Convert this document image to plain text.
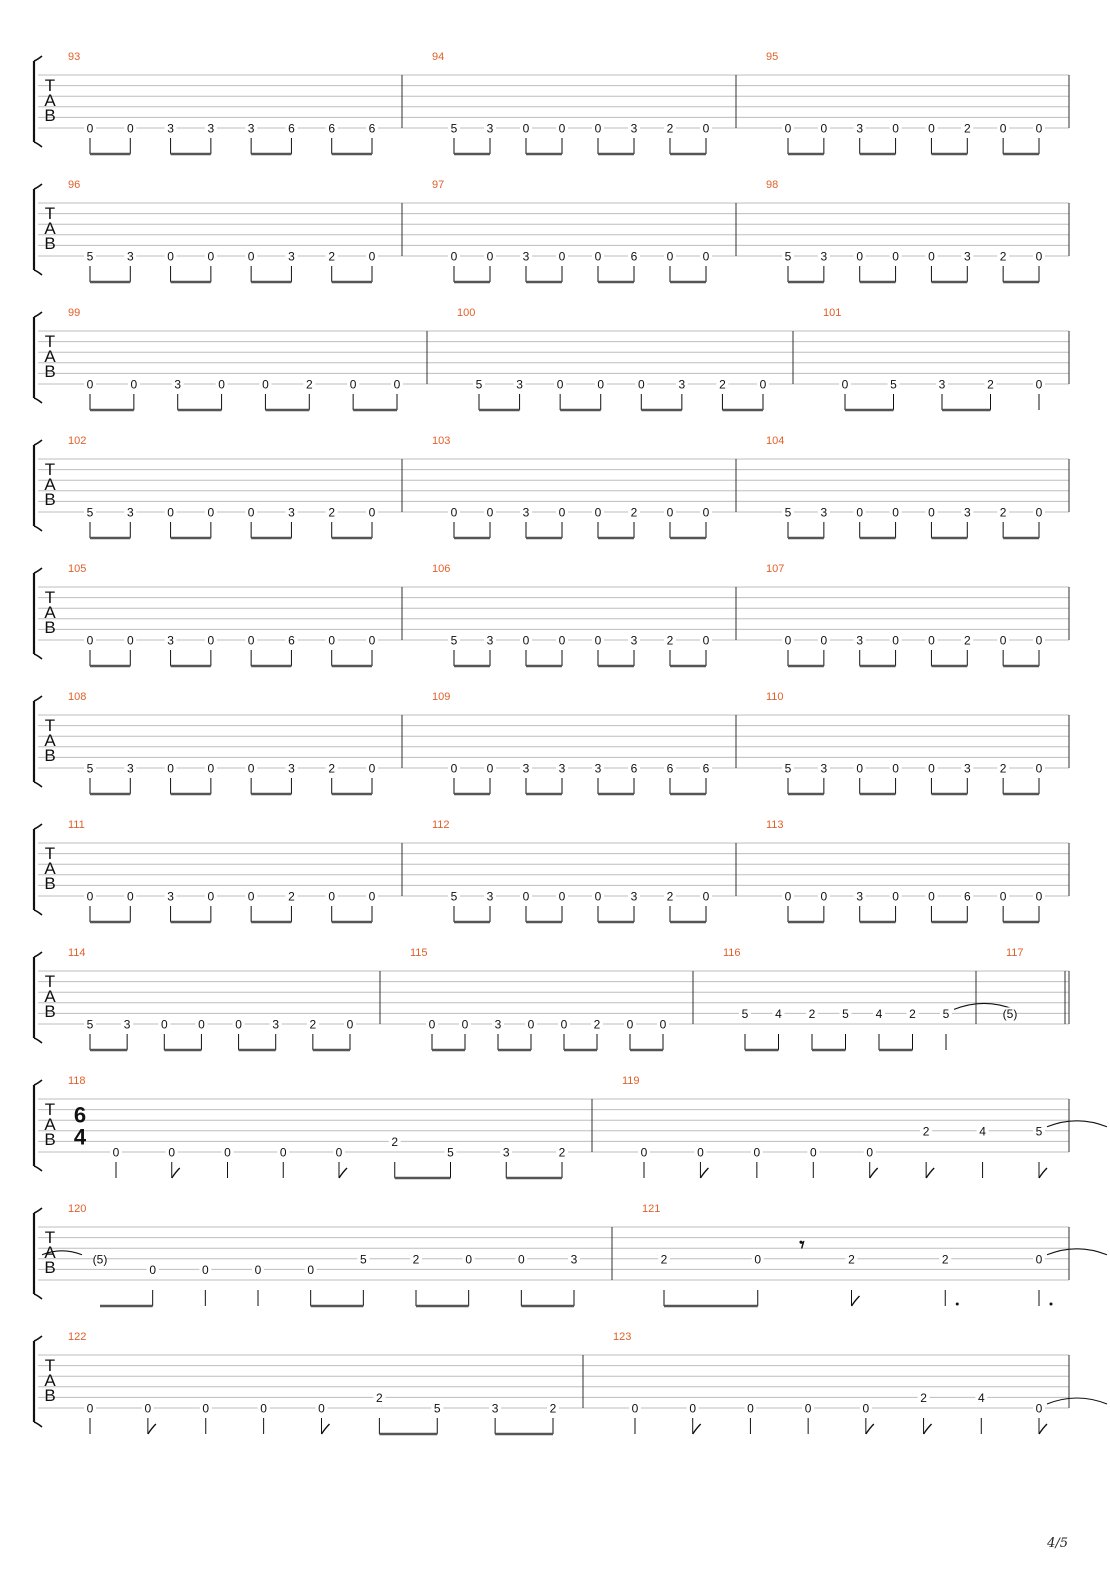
T
A
B
93
0	0	3	3	3	6	6	6
94
5 3 0 0 0 3 2 0
95
0 0 3 0 0 2 0 0
T
A
B
96
5	3	0	0	0	3	2	0
97
0 0 3 0 0 6 0 0
98
5 3 0 0 0 3 2 0
T
A
B
99
0	0	3	0	0	2	0	0
100
5	3	0	0	0	3	2	0
101
0	5	3	2	0
T
A
B
102
5	3	0	0	0	3	2	0
103
0 0 3 0 0 2 0 0
104
5 3 0 0 0 3 2 0
T
A
B
105
0	0	3	0	0	6	0	0
106
5 3 0 0 0 3 2 0
107
0 0 3 0 0 2 0 0
T
A
B
108
5	3	0	0	0	3	2	0
109
0 0 3 3 3 6 6 6
110
5 3 0 0 0 3 2 0
T
A
B
111
0	0	3	0	0	2	0	0
112
5 3 0 0 0 3 2 0
113
0 0 3 0 0 6 0 0
T
A
B
114
5	3	0	0	0	3	2	0
115
0 0 3 0 0 2 0 0
116
5 4 2 5 4 2 5
117
(5)
T
A
B
118
6
4
0	0	0	0	0
2
5	3	2
119
0	0	0	0	0
2	4	5
T
A
B
120
(5)
0	0	0	0
5	2	0	0	3
121
𝄾
2	0	2	2	0
T
A
B
122
0	0	0	0	0
2
5	3	2
123
0	0	0	0	0
2	4
0
4/5
